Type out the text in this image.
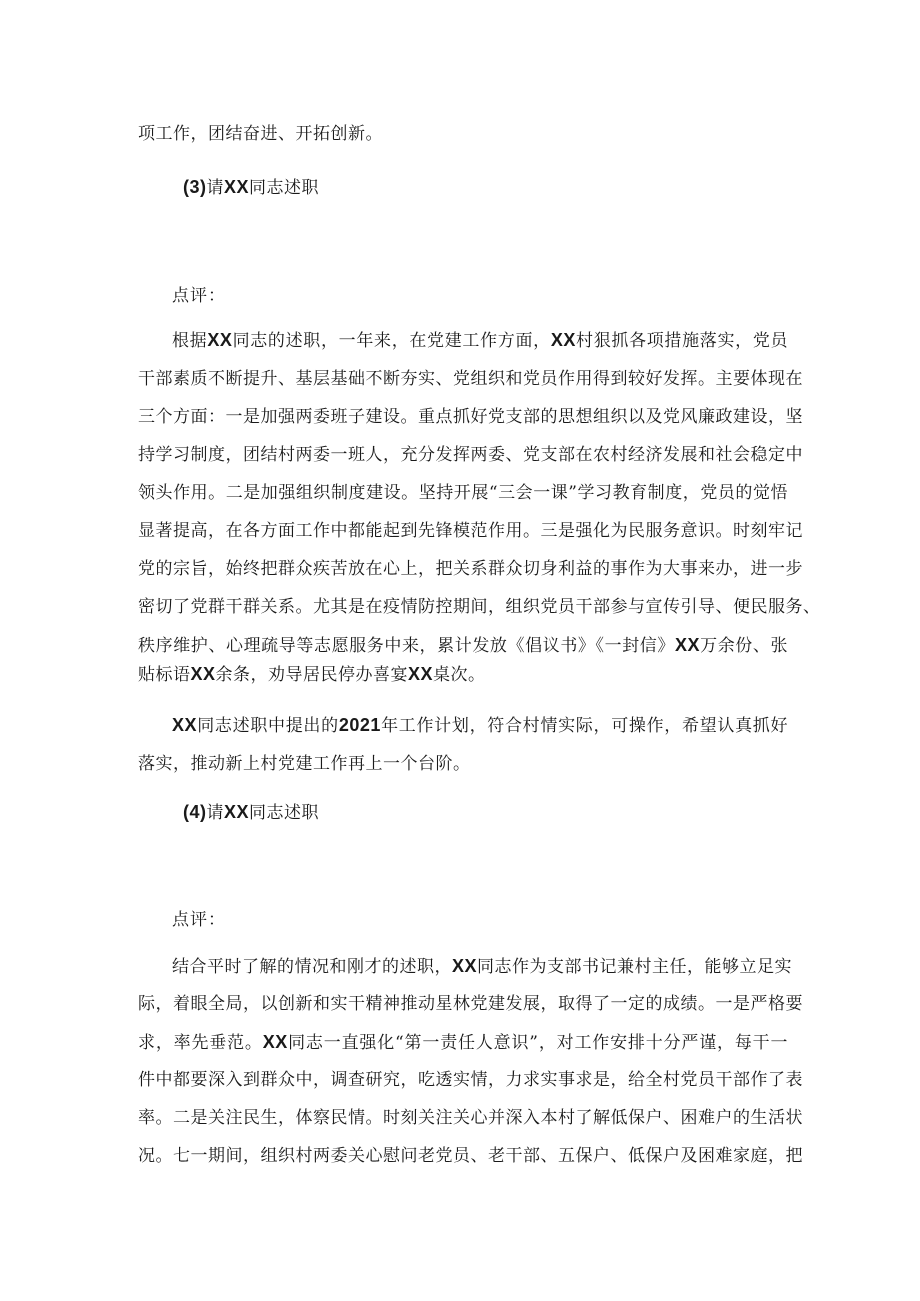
项工作，团结奋进、开拓创新。
(3)请XX同志述职
点评：
根据XX同志的述职，一年来，在党建工作方面，XX村狠抓各项措施落实，党员
干部素质不断提升、基层基础不断夯实、党组织和党员作用得到较好发挥。主要体现在
三个方面：一是加强两委班子建设。重点抓好党支部的思想组织以及党风廉政建设，坚
持学习制度，团结村两委一班人，充分发挥两委、党支部在农村经济发展和社会稳定中
领头作用。二是加强组织制度建设。坚持开展“三会一课”学习教育制度，党员的觉悟
显著提高，在各方面工作中都能起到先锋模范作用。三是强化为民服务意识。时刻牢记
党的宗旨，始终把群众疾苦放在心上，把关系群众切身利益的事作为大事来办，进一步
密切了党群干群关系。尤其是在疫情防控期间，组织党员干部参与宣传引导、便民服务、
秩序维护、心理疏导等志愿服务中来，累计发放《倡议书》《一封信》XX万余份、张
贴标语XX余条，劝导居民停办喜宴XX桌次。
XX同志述职中提出的2021年工作计划，符合村情实际，可操作，希望认真抓好
落实，推动新上村党建工作再上一个台阶。
(4)请XX同志述职
点评：
结合平时了解的情况和刚才的述职，XX同志作为支部书记兼村主任，能够立足实
际，着眼全局，以创新和实干精神推动星林党建发展，取得了一定的成绩。一是严格要
求，率先垂范。XX同志一直强化“第一责任人意识”，对工作安排十分严谨，每干一
件中都要深入到群众中，调查研究，吃透实情，力求实事求是，给全村党员干部作了表
率。二是关注民生，体察民情。时刻关注关心并深入本村了解低保户、困难户的生活状
况。七一期间，组织村两委关心慰问老党员、老干部、五保户、低保户及困难家庭，把
